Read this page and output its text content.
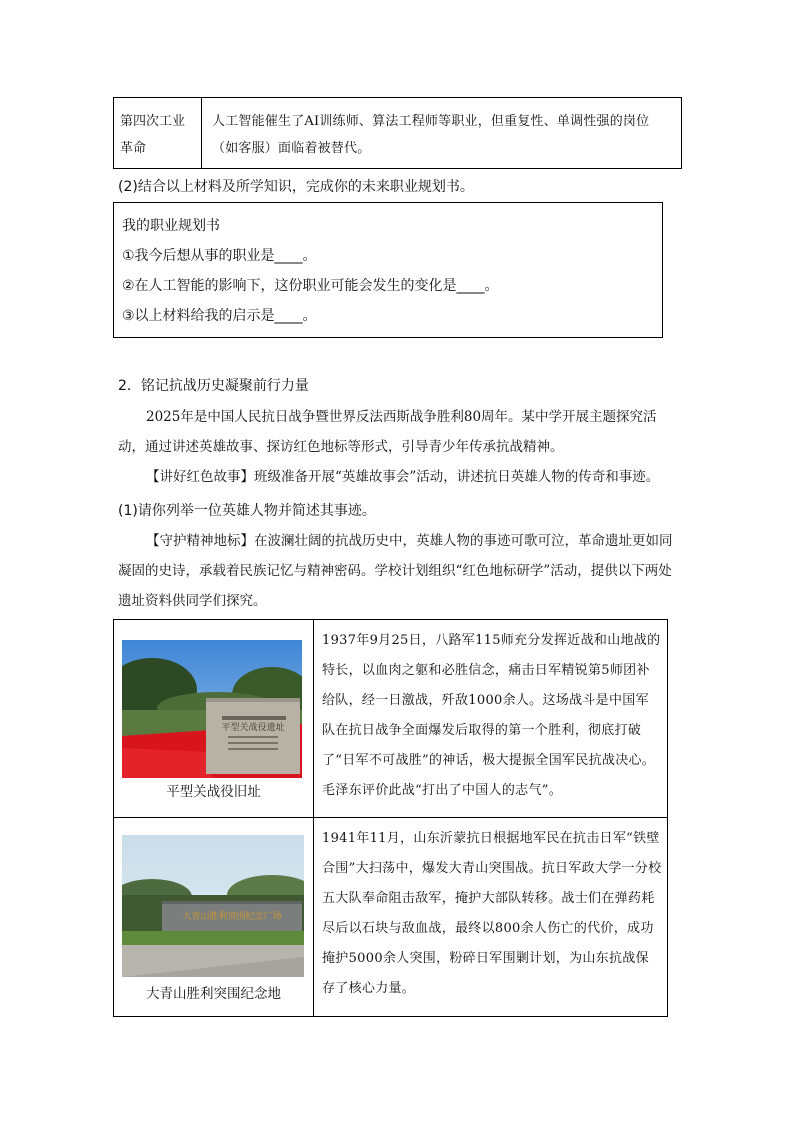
第四次工业革命
人工智能催生了AI训练师、算法工程师等职业，但重复性、单调性强的岗位（如客服）面临着被替代。
(2)结合以上材料及所学知识，完成你的未来职业规划书。
我的职业规划书
①我今后想从事的职业是____。
②在人工智能的影响下，这份职业可能会发生的变化是____。
③以上材料给我的启示是____。
2．铭记抗战历史凝聚前行力量
2025年是中国人民抗日战争暨世界反法西斯战争胜利80周年。某中学开展主题探究活动，通过讲述英雄故事、探访红色地标等形式，引导青少年传承抗战精神。
【讲好红色故事】班级准备开展“英雄故事会”活动，讲述抗日英雄人物的传奇和事迹。
(1)请你列举一位英雄人物并简述其事迹。
【守护精神地标】在波澜壮阔的抗战历史中，英雄人物的事迹可歌可泣，革命遗址更如同凝固的史诗，承载着民族记忆与精神密码。学校计划组织“红色地标研学”活动，提供以下两处遗址资料供同学们探究。
平型关战役遗址
平型关战役旧址
1937年9月25日，八路军115师充分发挥近战和山地战的特长，以血肉之躯和必胜信念，痛击日军精锐第5师团补给队，经一日激战，歼敌1000余人。这场战斗是中国军队在抗日战争全面爆发后取得的第一个胜利，彻底打破了“日军不可战胜”的神话，极大提振全国军民抗战决心。毛泽东评价此战“打出了中国人的志气”。
大青山胜利突围纪念广场
大青山胜利突围纪念地
1941年11月，山东沂蒙抗日根据地军民在抗击日军“铁壁合围”大扫荡中，爆发大青山突围战。抗日军政大学一分校五大队奉命阻击敌军，掩护大部队转移。战士们在弹药耗尽后以石块与敌血战，最终以800余人伤亡的代价，成功掩护5000余人突围，粉碎日军围剿计划，为山东抗战保存了核心力量。
